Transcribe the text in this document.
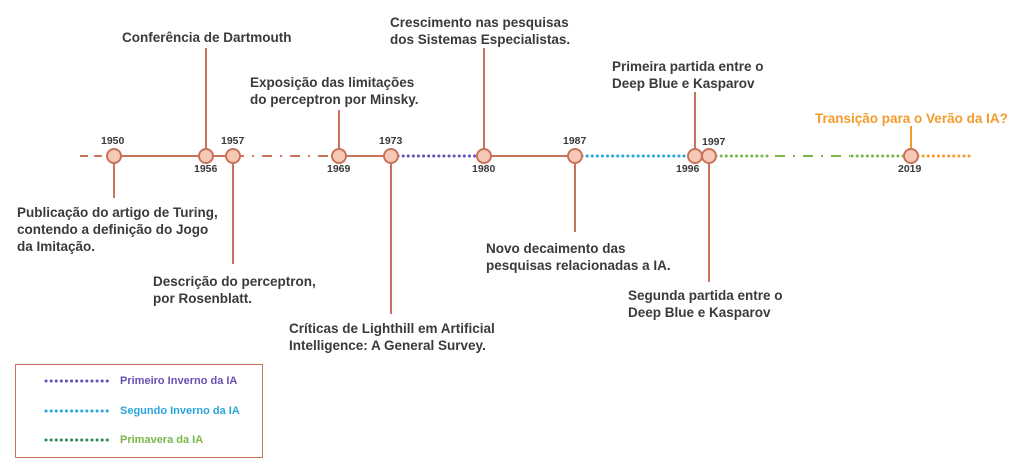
1950
1956
1957
1969
1973
1980
1987
1996
1997
2019
Publicação do artigo de Turing,
contendo a definição do Jogo
da Imitação.
Conferência de Dartmouth
Descrição do perceptron,
por Rosenblatt.
Exposição das limitações
do perceptron por Minsky.
Críticas de Lighthill em Artificial
Intelligence: A General Survey.
Crescimento nas pesquisas
dos Sistemas Especialistas.
Novo decaimento das
pesquisas relacionadas a IA.
Primeira partida entre o
Deep Blue e Kasparov
Segunda partida entre o
Deep Blue e Kasparov
Transição para o Verão da IA?
Primeiro Inverno da IA
Segundo Inverno da IA
Primavera da IA
